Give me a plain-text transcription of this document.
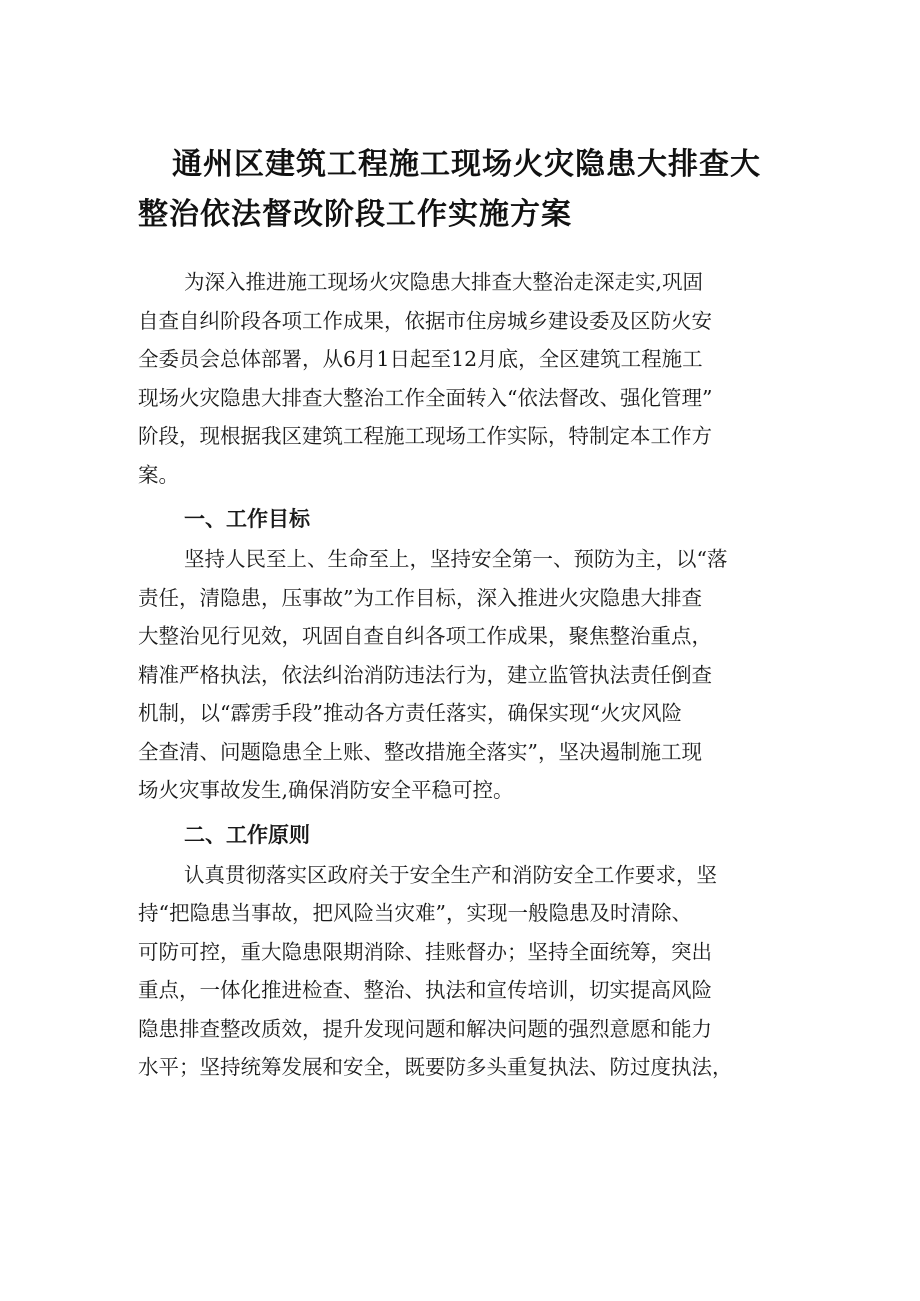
通州区建筑工程施工现场火灾隐患大排查大
整治依法督改阶段工作实施方案
为深入推进施工现场火灾隐患大排查大整治走深走实,巩固
自查自纠阶段各项工作成果，依据市住房城乡建设委及区防火安
全委员会总体部署，从6月1日起至12月底，全区建筑工程施工
现场火灾隐患大排查大整治工作全面转入“依法督改、强化管理”
阶段，现根据我区建筑工程施工现场工作实际，特制定本工作方
案。
一、工作目标
坚持人民至上、生命至上，坚持安全第一、预防为主，以“落
责任，清隐患，压事故”为工作目标，深入推进火灾隐患大排查
大整治见行见效，巩固自查自纠各项工作成果，聚焦整治重点，
精准严格执法，依法纠治消防违法行为，建立监管执法责任倒查
机制，以“霹雳手段”推动各方责任落实，确保实现“火灾风险
全查清、问题隐患全上账、整改措施全落实”，坚决遏制施工现
场火灾事故发生,确保消防安全平稳可控。
二、工作原则
认真贯彻落实区政府关于安全生产和消防安全工作要求，坚
持“把隐患当事故，把风险当灾难”，实现一般隐患及时清除、
可防可控，重大隐患限期消除、挂账督办；坚持全面统筹，突出
重点，一体化推进检查、整治、执法和宣传培训，切实提高风险
隐患排查整改质效，提升发现问题和解决问题的强烈意愿和能力
水平；坚持统筹发展和安全，既要防多头重复执法、防过度执法，
